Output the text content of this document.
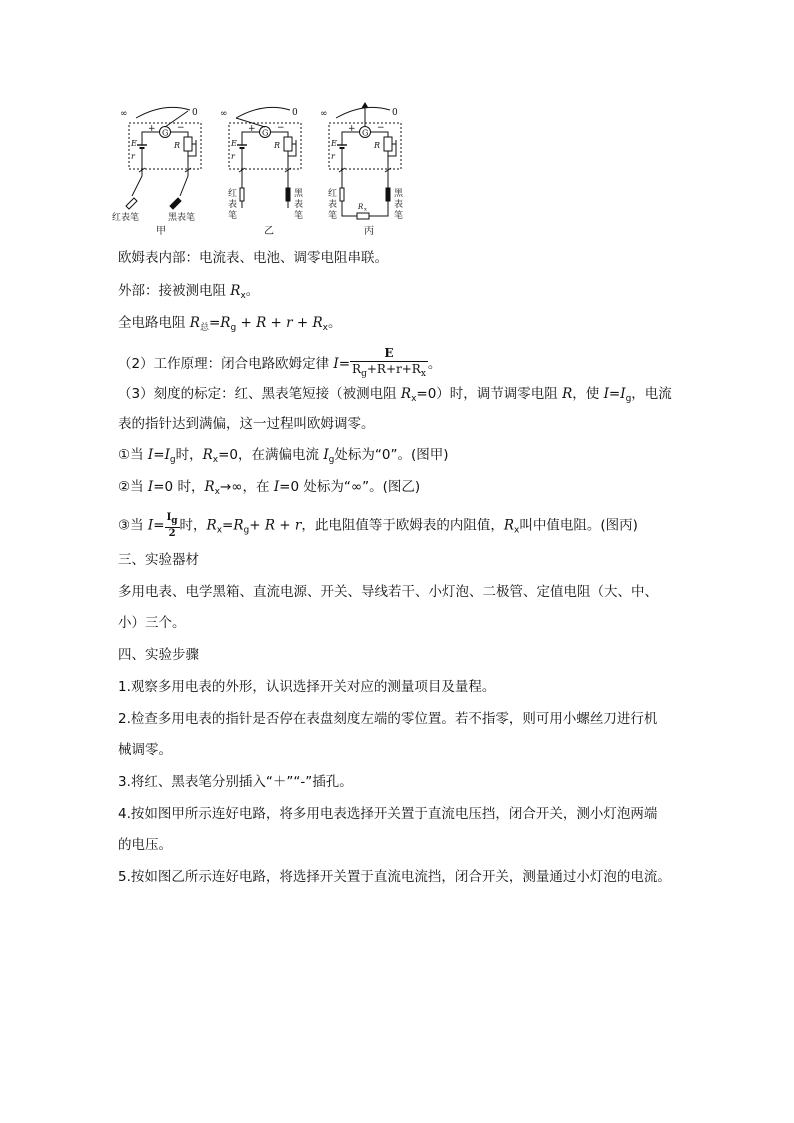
∞	0
G
+ −
E
r
R
红表笔	黑表笔
甲
∞	0
G
+ −
E
r
R
红
表
笔
黑
表
笔
乙
∞	0
G
+ −
E
r
R
红
表
笔
黑
表
笔
R x
丙
欧姆表内部：电流表、电池、调零电阻串联。
外部：接被测电阻 $R_x$。
全电路电阻 $R_总=R_g + R + r + R_x$。
（2）工作原理：闭合电路欧姆定律 $I= \frac{E}{R_g+R+r+R_x}$ 。
（3）刻度的标定：红、黑表笔短接（被测电阻 $R_x=0$）时，调节调零电阻 R，使 $I=I_g$，电流
表的指针达到满偏，这一过程叫欧姆调零。
①当 $I=I_g$时，$R_x=0$，在满偏电流 $I_g$处标为“0”。(图甲)
②当 I=0 时，$R_x\to\infty$，在 I=0 处标为“∞”。(图乙)
③当 $I= \frac{Ig}{2}$ 时，$R_x=R_g+ R + r$，此电阻值等于欧姆表的内阻值，$R_x$叫中值电阻。(图丙)
三、实验器材
多用电表、电学黑箱、直流电源、开关、导线若干、小灯泡、二极管、定值电阻（大、中、
小）三个。
四、实验步骤
1.观察多用电表的外形，认识选择开关对应的测量项目及量程。
2.检查多用电表的指针是否停在表盘刻度左端的零位置。若不指零，则可用小螺丝刀进行机
械调零。
3.将红、黑表笔分别插入“＋”“-”插孔。
4.按如图甲所示连好电路，将多用电表选择开关置于直流电压挡，闭合开关，测小灯泡两端
的电压。
5.按如图乙所示连好电路，将选择开关置于直流电流挡，闭合开关，测量通过小灯泡的电流。
